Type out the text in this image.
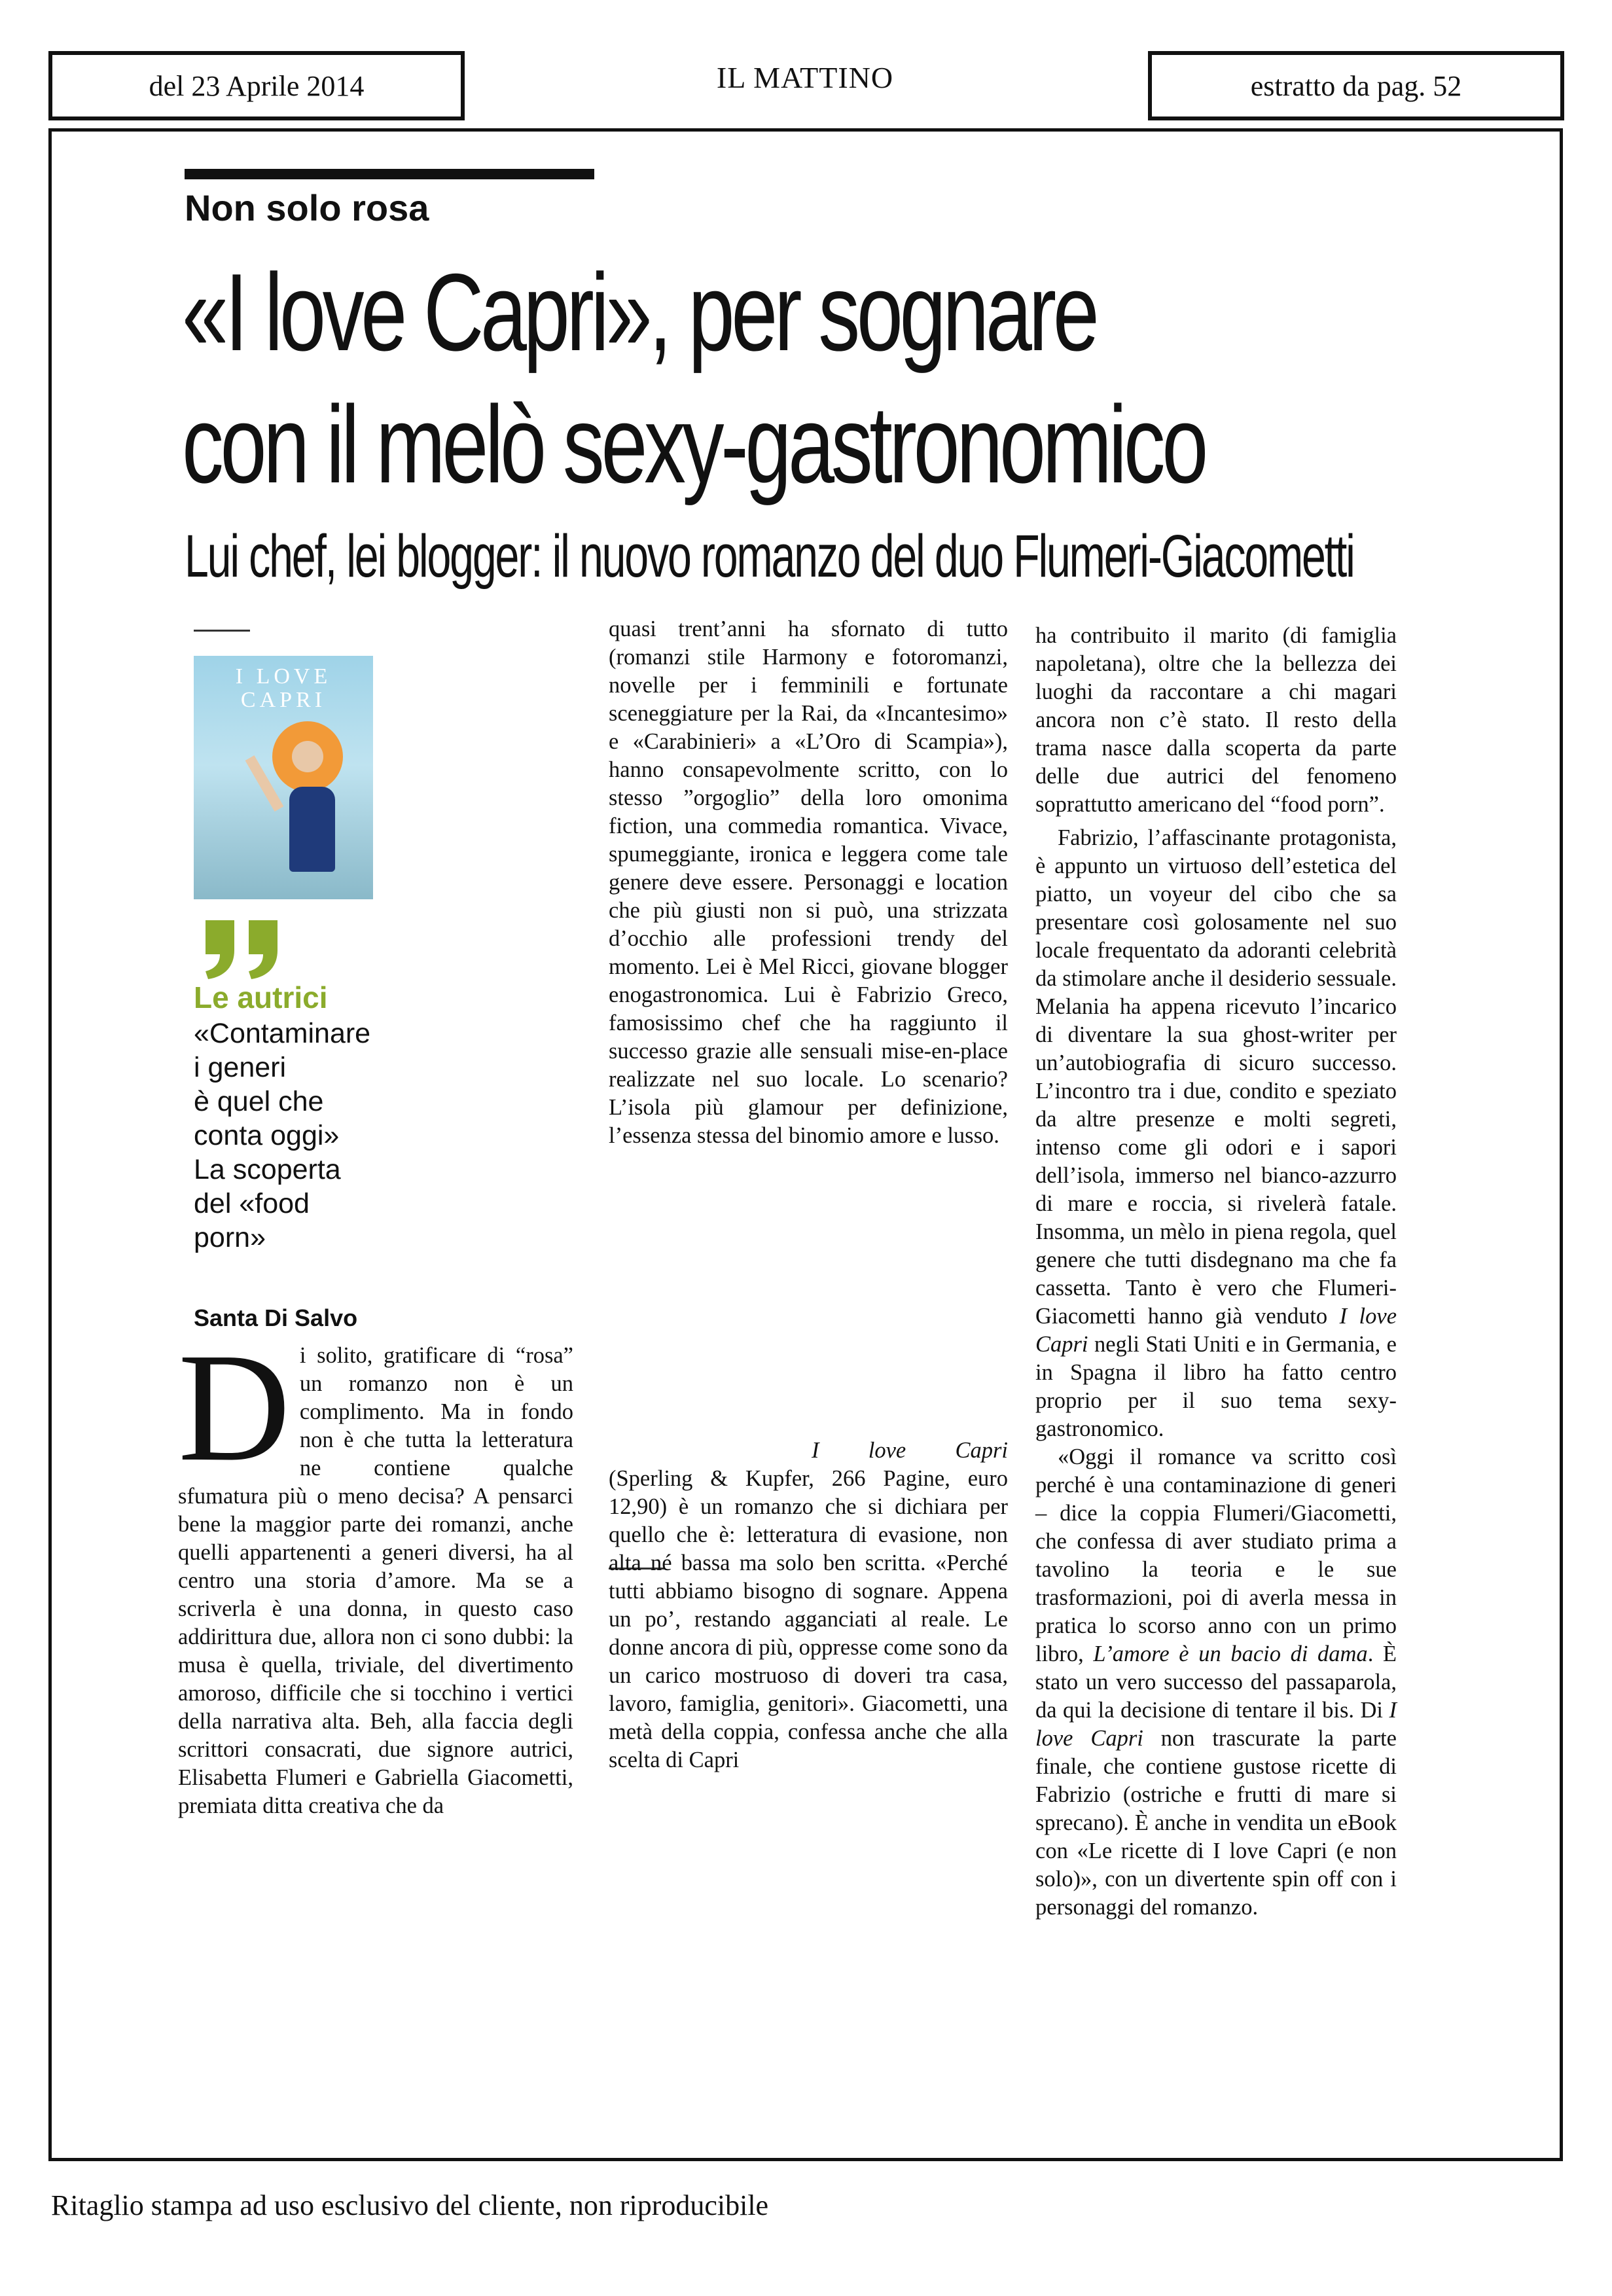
del 23 Aprile 2014	IL MATTINO	estratto da pag. 52
Non solo rosa
«I love Capri», per sognare
con il melò sexy-gastronomico
Lui chef, lei blogger: il nuovo romanzo del duo Flumeri-Giacometti
I LOVE
CAPRI
Le autrici
«Contaminare
i generi
è quel che
conta oggi»
La scoperta
del «food
porn»
Santa Di Salvo

Di solito, gratificare di “rosa” un romanzo non è un complimento. Ma in fondo non è che tutta la letteratura ne contiene qualche sfumatura più o meno decisa? A pensarci bene la maggior parte dei romanzi, anche quelli appartenenti a generi diversi, ha al centro una storia d’amore. Ma se a scriverla è una donna, in questo caso addirittura due, allora non ci sono dubbi: la musa è quella, triviale, del divertimento amoroso, difficile che si tocchino i vertici della narrativa alta. Beh, alla faccia degli scrittori consacrati, due signore autrici, Elisabetta Flumeri e Gabriella Giacometti, premiata ditta creativa che da

quasi trent’anni ha sfornato di tutto (romanzi stile Harmony e fotoromanzi, novelle per i femminili e fortunate sceneggiature per la Rai, da «Incantesimo» e «Carabinieri» a «L’Oro di Scampia»), hanno consapevolmente scritto, con lo stesso ”orgoglio” della loro omonima fiction, una commedia romantica. Vivace, spumeggiante, ironica e leggera come tale genere deve essere. Personaggi e location che più giusti non si può, una strizzata d’occhio alle professioni trendy del momento. Lei è Mel Ricci, giovane blogger enogastronomica. Lui è Fabrizio Greco, famosissimo chef che ha raggiunto il successo grazie alle sensuali mise-en-place realizzate nel suo locale. Lo scenario? L’isola più glamour per definizione, l’essenza stessa del binomio amore e lusso.

I love Capri (Sperling & Kupfer, 266 Pagine, euro 12,90) è un romanzo che si dichiara per quello che è: letteratura di evasione, non alta né bassa ma solo ben scritta. «Perché tutti abbiamo bisogno di sognare. Appena un po’, restando agganciati al reale. Le donne ancora di più, oppresse come sono da un carico mostruoso di doveri tra casa, lavoro, famiglia, genitori». Giacometti, una metà della coppia, confessa anche che alla scelta di Capri

ha contribuito il marito (di famiglia napoletana), oltre che la bellezza dei luoghi da raccontare a chi magari ancora non c’è stato. Il resto della trama nasce dalla scoperta da parte delle due autrici del fenomeno soprattutto americano del “food porn”.

Fabrizio, l’affascinante protagonista, è appunto un virtuoso dell’estetica del piatto, un voyeur del cibo che sa presentare così golosamente nel suo locale frequentato da adoranti celebrità da stimolare anche il desiderio sessuale. Melania ha appena ricevuto l’incarico di diventare la sua ghost-writer per un’autobiografia di sicuro successo. L’incontro tra i due, condito e speziato da altre presenze e molti segreti, intenso come gli odori e i sapori dell’isola, immerso nel bianco-azzurro di mare e roccia, si rivelerà fatale. Insomma, un mèlo in piena regola, quel genere che tutti disdegnano ma che fa cassetta. Tanto è vero che Flumeri-Giacometti hanno già venduto I love Capri negli Stati Uniti e in Germania, e in Spagna il libro ha fatto centro proprio per il suo tema sexy-gastronomico.

«Oggi il romance va scritto così perché è una contaminazione di generi – dice la coppia Flumeri/Giacometti, che confessa di aver studiato prima a tavolino la teoria e le sue trasformazioni, poi di averla messa in pratica lo scorso anno con un primo libro, L’amore è un bacio di dama. È stato un vero successo del passaparola, da qui la decisione di tentare il bis. Di I love Capri non trascurate la parte finale, che contiene gustose ricette di Fabrizio (ostriche e frutti di mare si sprecano). È anche in vendita un eBook con «Le ricette di I love Capri (e non solo)», con un divertente spin off con i personaggi del romanzo.

Ritaglio stampa ad uso esclusivo del cliente, non riproducibile
